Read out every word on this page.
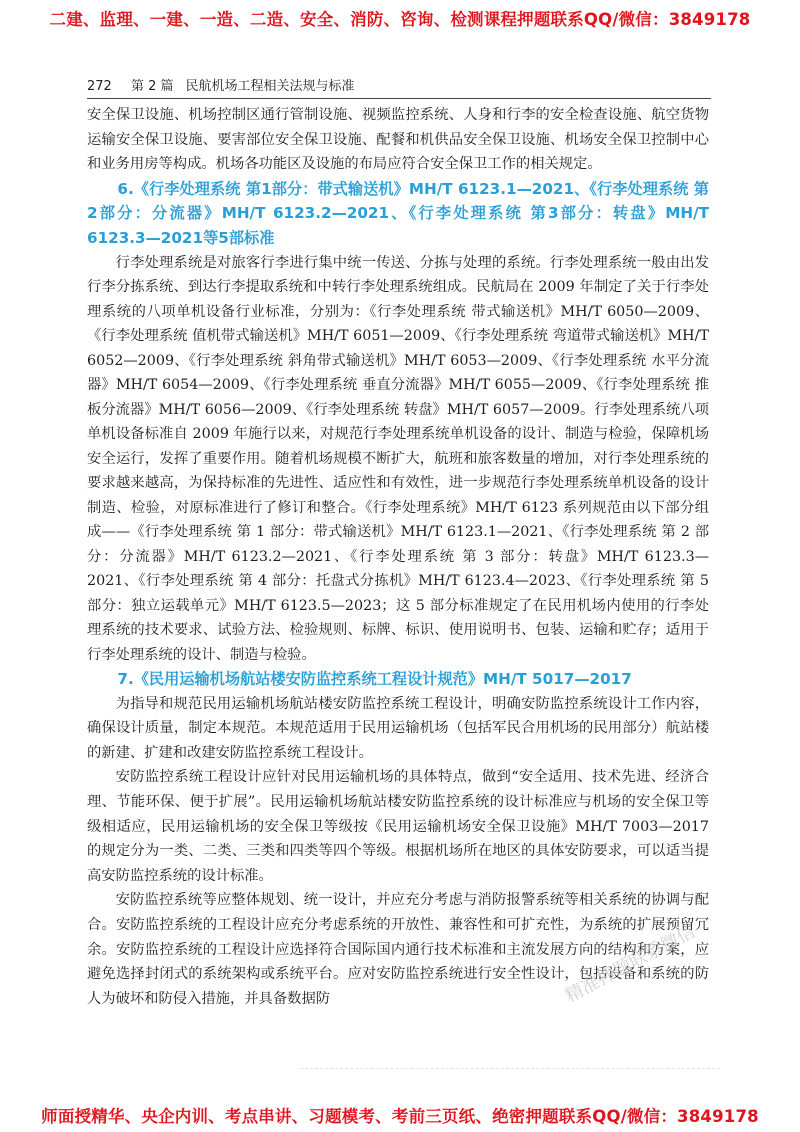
二建、监理、一建、一造、二造、安全、消防、咨询、检测课程押题联系QQ/微信：3849178
272 第 2 篇 民航机场工程相关法规与标准

安全保卫设施、机场控制区通行管制设施、视频监控系统、人身和行李的安全检查设施、航空货物运输安全保卫设施、要害部位安全保卫设施、配餐和机供品安全保卫设施、机场安全保卫控制中心和业务用房等构成。机场各功能区及设施的布局应符合安全保卫工作的相关规定。

6.《行李处理系统 第1部分：带式输送机》MH/T 6123.1—2021、《行李处理系统 第2部分：分流器》MH/T 6123.2—2021、《行李处理系统 第3部分：转盘》MH/T 6123.3—2021等5部标准

行李处理系统是对旅客行李进行集中统一传送、分拣与处理的系统。行李处理系统一般由出发行李分拣系统、到达行李提取系统和中转行李处理系统组成。民航局在 2009 年制定了关于行李处理系统的八项单机设备行业标准，分别为：《行李处理系统 带式输送机》MH/T 6050—2009、《行李处理系统 值机带式输送机》MH/T 6051—2009、《行李处理系统 弯道带式输送机》MH/T 6052—2009、《行李处理系统 斜角带式输送机》MH/T 6053—2009、《行李处理系统 水平分流器》MH/T 6054—2009、《行李处理系统 垂直分流器》MH/T 6055—2009、《行李处理系统 推板分流器》MH/T 6056—2009、《行李处理系统 转盘》MH/T 6057—2009。行李处理系统八项单机设备标准自 2009 年施行以来，对规范行李处理系统单机设备的设计、制造与检验，保障机场安全运行，发挥了重要作用。随着机场规模不断扩大，航班和旅客数量的增加，对行李处理系统的要求越来越高，为保持标准的先进性、适应性和有效性，进一步规范行李处理系统单机设备的设计制造、检验，对原标准进行了修订和整合。《行李处理系统》MH/T 6123 系列规范由以下部分组成——《行李处理系统 第 1 部分：带式输送机》MH/T 6123.1—2021、《行李处理系统 第 2 部分：分流器》MH/T 6123.2—2021、《行李处理系统 第 3 部分：转盘》MH/T 6123.3—2021、《行李处理系统 第 4 部分：托盘式分拣机》MH/T 6123.4—2023、《行李处理系统 第 5 部分：独立运载单元》MH/T 6123.5—2023；这 5 部分标准规定了在民用机场内使用的行李处理系统的技术要求、试验方法、检验规则、标牌、标识、使用说明书、包装、运输和贮存；适用于行李处理系统的设计、制造与检验。

7.《民用运输机场航站楼安防监控系统工程设计规范》MH/T 5017—2017

为指导和规范民用运输机场航站楼安防监控系统工程设计，明确安防监控系统设计工作内容，确保设计质量，制定本规范。本规范适用于民用运输机场（包括军民合用机场的民用部分）航站楼的新建、扩建和改建安防监控系统工程设计。

安防监控系统工程设计应针对民用运输机场的具体特点，做到“安全适用、技术先进、经济合理、节能环保、便于扩展”。民用运输机场航站楼安防监控系统的设计标准应与机场的安全保卫等级相适应，民用运输机场的安全保卫等级按《民用运输机场安全保卫设施》MH/T 7003—2017 的规定分为一类、二类、三类和四类等四个等级。根据机场所在地区的具体安防要求，可以适当提高安防监控系统的设计标准。

安防监控系统等应整体规划、统一设计，并应充分考虑与消防报警系统等相关系统的协调与配合。安防监控系统的工程设计应充分考虑系统的开放性、兼容性和可扩充性，为系统的扩展预留冗余。安防监控系统的工程设计应选择符合国际国内通行技术标准和主流发展方向的结构和方案，应避免选择封闭式的系统架构或系统平台。应对安防监控系统进行安全性设计，包括设备和系统的防人为破坏和防侵入措施，并具备数据防	精准押题联系微信
师面授精华、央企内训、考点串讲、习题模考、考前三页纸、绝密押题联系QQ/微信：3849178
